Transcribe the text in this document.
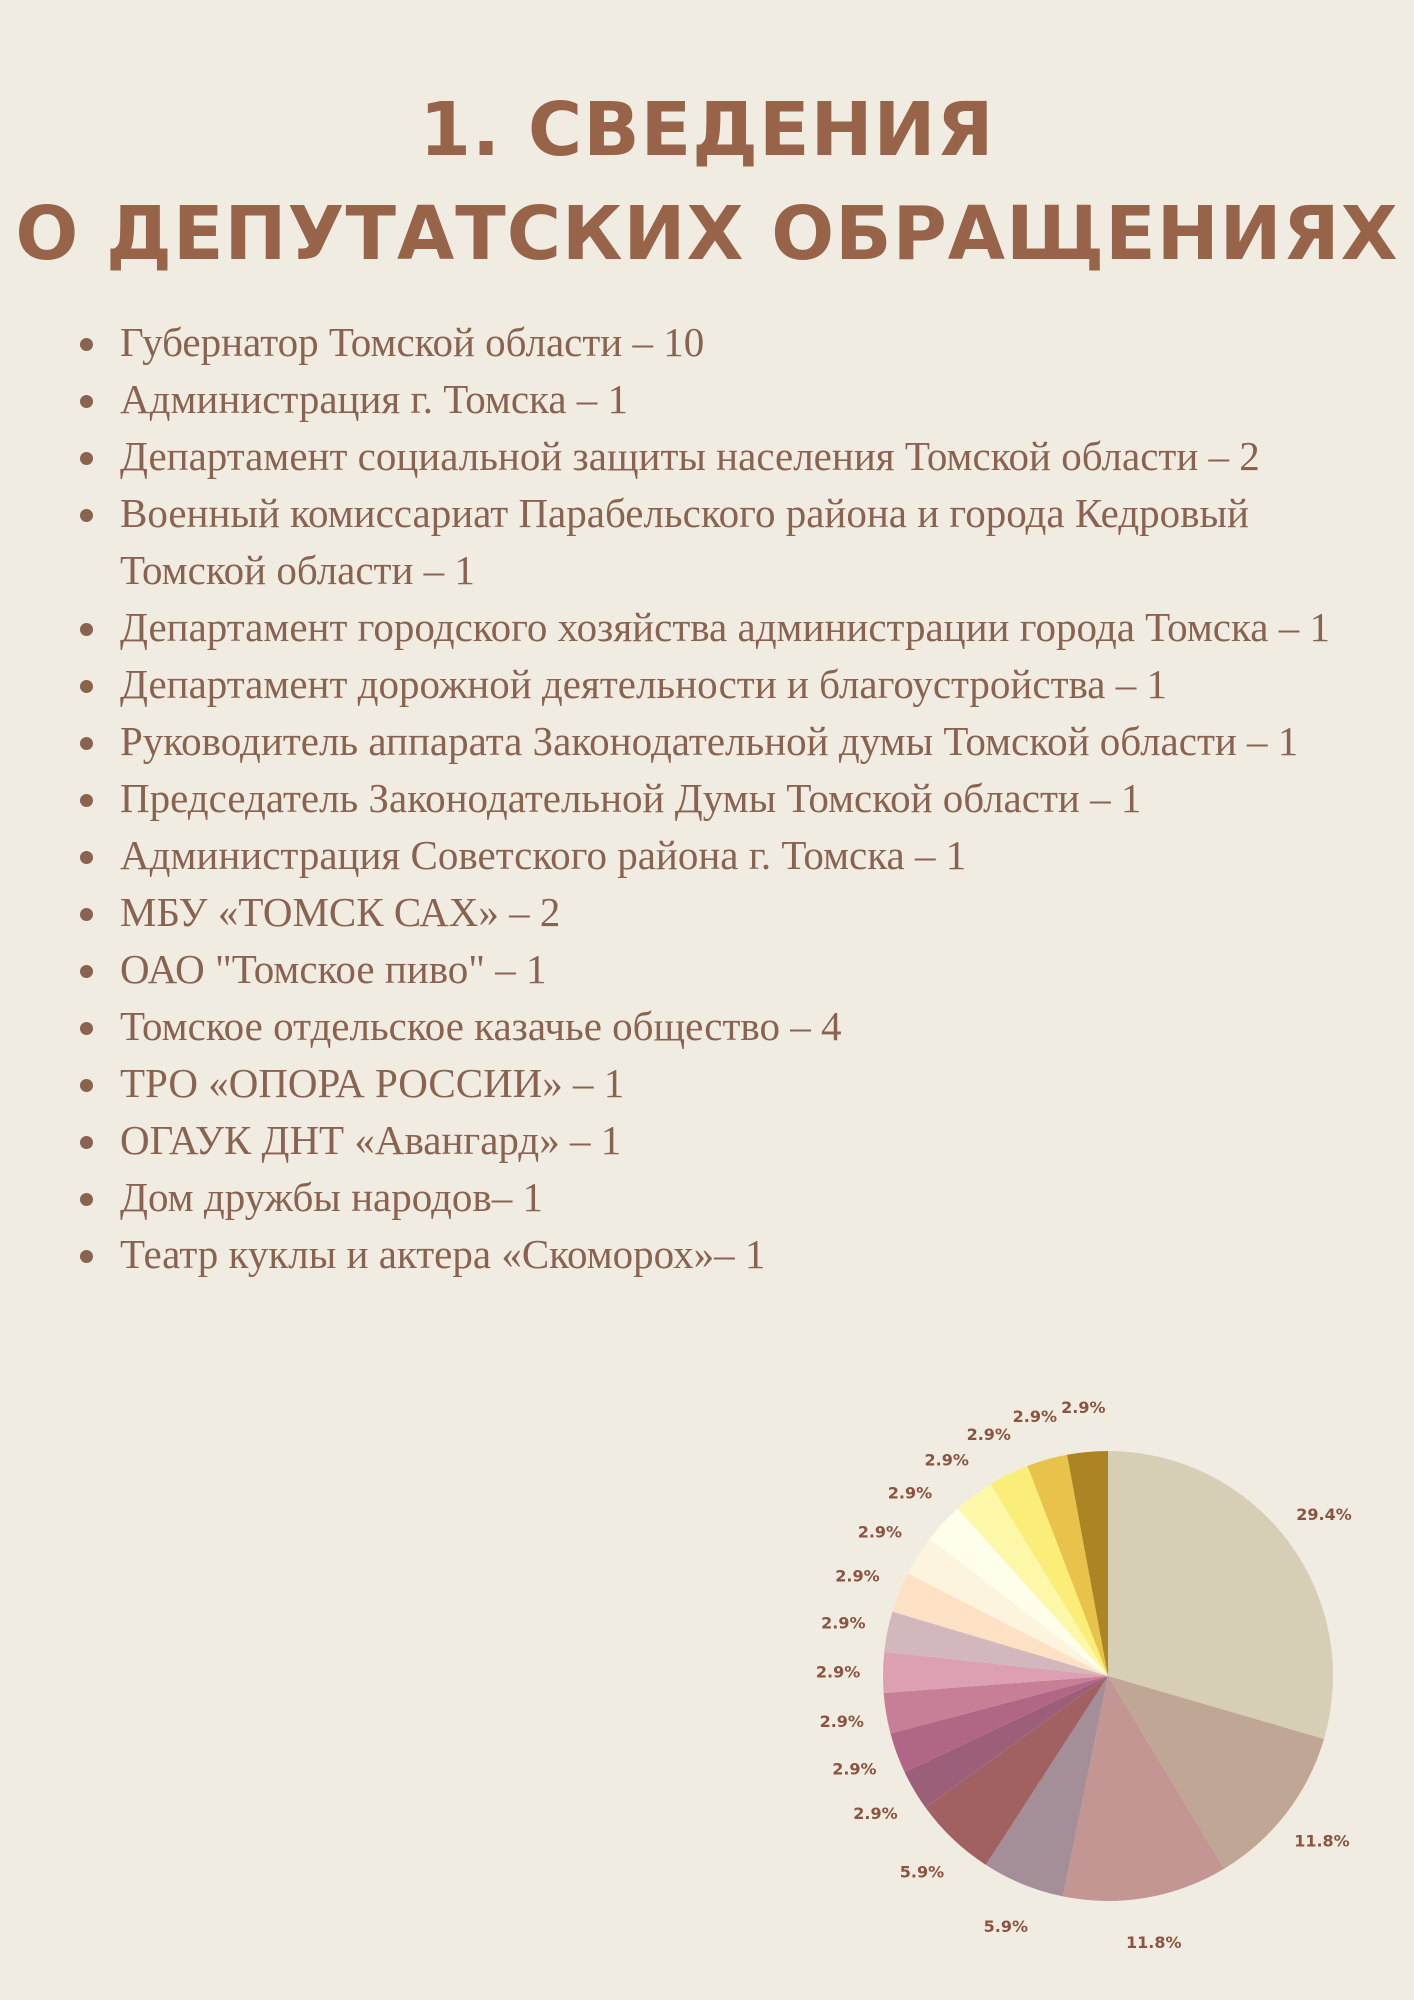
1. СВЕДЕНИЯ
О ДЕПУТАТСКИХ ОБРАЩЕНИЯХ
Губернатор Томской области – 10
Администрация г. Томска – 1
Департамент социальной защиты населения Томской области – 2
Военный комиссариат Парабельского района и города Кедровый Томской области – 1
Департамент городского хозяйства администрации города Томска – 1
Департамент дорожной деятельности и благоустройства – 1
Руководитель аппарата Законодательной думы Томской области – 1
Председатель Законодательной Думы Томской области – 1
Администрация Советского района г. Томска – 1
МБУ «ТОМСК САХ» – 2
ОАО "Томское пиво" – 1
Томское отдельское казачье общество – 4
ТРО «ОПОРА РОССИИ» – 1
ОГАУК ДНТ «Авангард» – 1
Дом дружбы народов– 1
Театр куклы и актера «Скоморох»– 1
29.4%
11.8%
11.8%
5.9%
5.9%
2.9%
2.9%
2.9%
2.9%
2.9%
2.9%
2.9%
2.9%
2.9%
2.9%
2.9% 2.9%
